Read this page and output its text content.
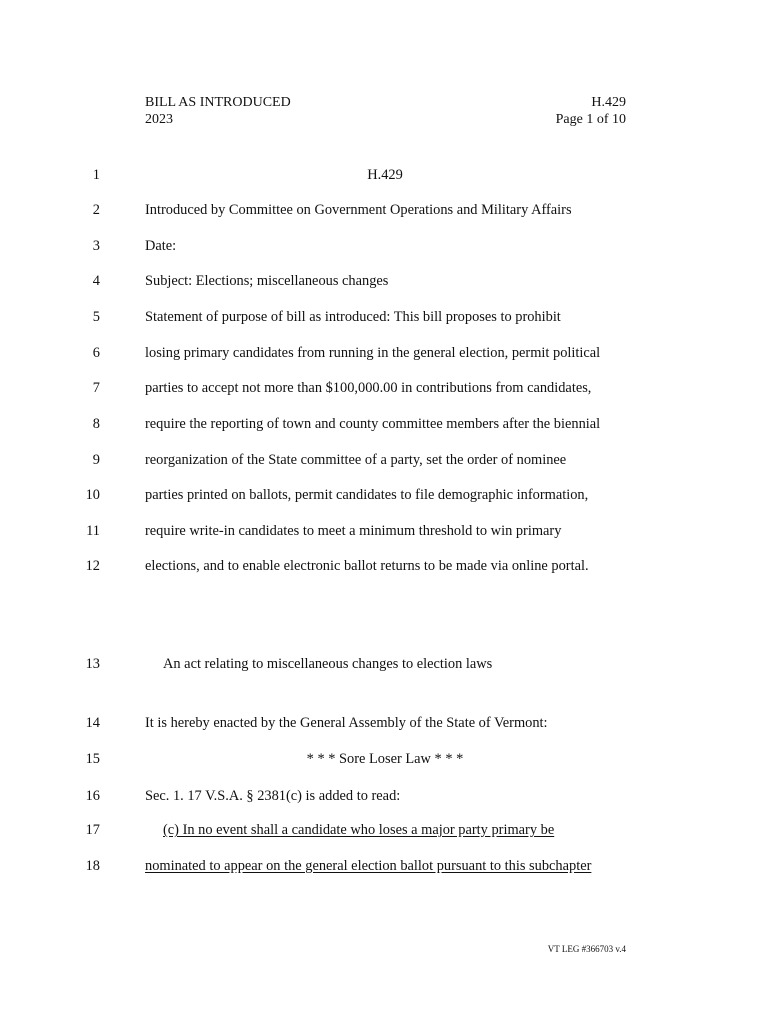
BILL AS INTRODUCED
2023
H.429
Page 1 of 10
1	H.429
2	Introduced by Committee on Government Operations and Military Affairs
3	Date:
4	Subject: Elections; miscellaneous changes
5	Statement of purpose of bill as introduced: This bill proposes to prohibit
6	losing primary candidates from running in the general election, permit political
7	parties to accept not more than $100,000.00 in contributions from candidates,
8	require the reporting of town and county committee members after the biennial
9	reorganization of the State committee of a party, set the order of nominee
10	parties printed on ballots, permit candidates to file demographic information,
11	require write-in candidates to meet a minimum threshold to win primary
12	elections, and to enable electronic ballot returns to be made via online portal.
13	An act relating to miscellaneous changes to election laws
14	It is hereby enacted by the General Assembly of the State of Vermont:
15	* * * Sore Loser Law * * *
16	Sec. 1. 17 V.S.A. § 2381(c) is added to read:
17	(c) In no event shall a candidate who loses a major party primary be
18	nominated to appear on the general election ballot pursuant to this subchapter
VT LEG #366703 v.4
